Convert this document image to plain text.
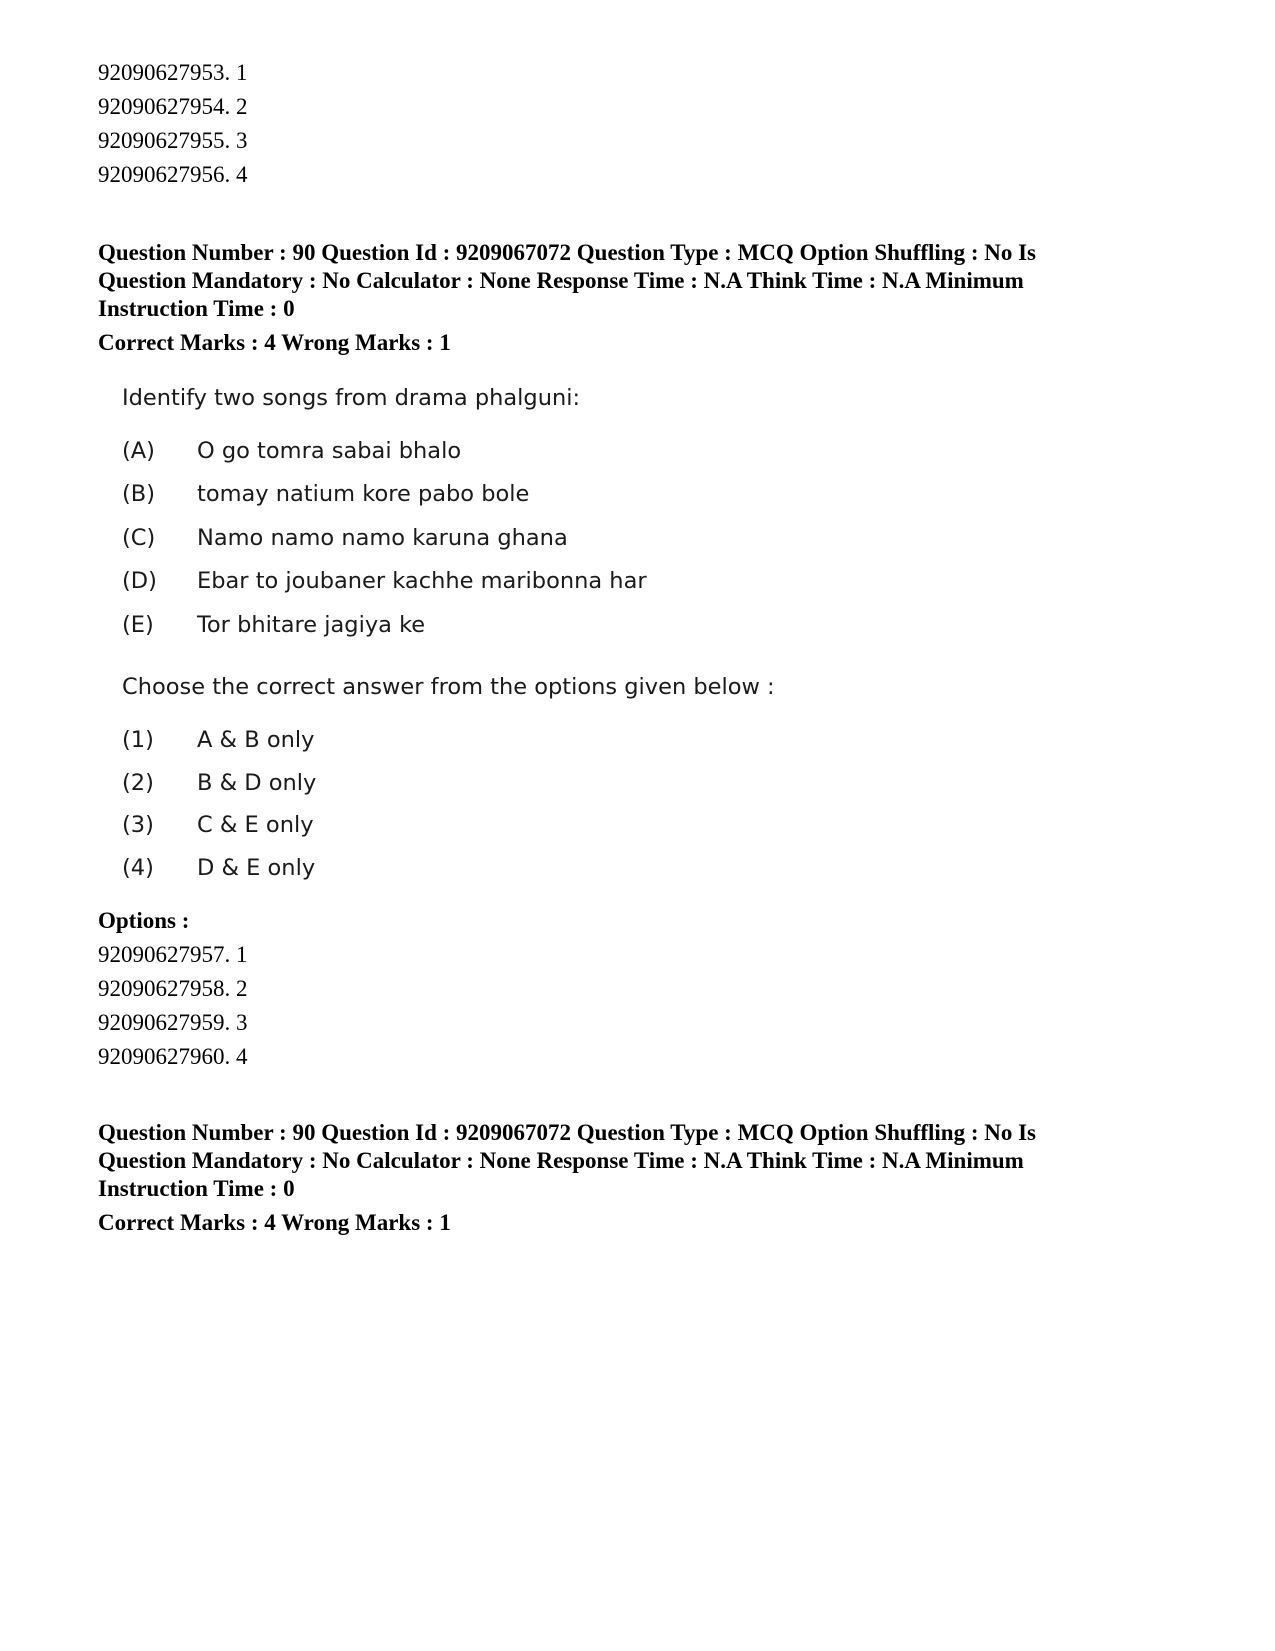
92090627953. 1
92090627954. 2
92090627955. 3
92090627956. 4
Question Number : 90 Question Id : 9209067072 Question Type : MCQ Option Shuffling : No Is
Question Mandatory : No Calculator : None Response Time : N.A Think Time : N.A Minimum
Instruction Time : 0
Correct Marks : 4 Wrong Marks : 1
Identify two songs from drama phalguni:
(A) O go tomra sabai bhalo
(B) tomay natium kore pabo bole
(C) Namo namo namo karuna ghana
(D) Ebar to joubaner kachhe maribonna har
(E) Tor bhitare jagiya ke
Choose the correct answer from the options given below :
(1) A & B only
(2) B & D only
(3) C & E only
(4) D & E only
Options :
92090627957. 1
92090627958. 2
92090627959. 3
92090627960. 4
Question Number : 90 Question Id : 9209067072 Question Type : MCQ Option Shuffling : No Is
Question Mandatory : No Calculator : None Response Time : N.A Think Time : N.A Minimum
Instruction Time : 0
Correct Marks : 4 Wrong Marks : 1
